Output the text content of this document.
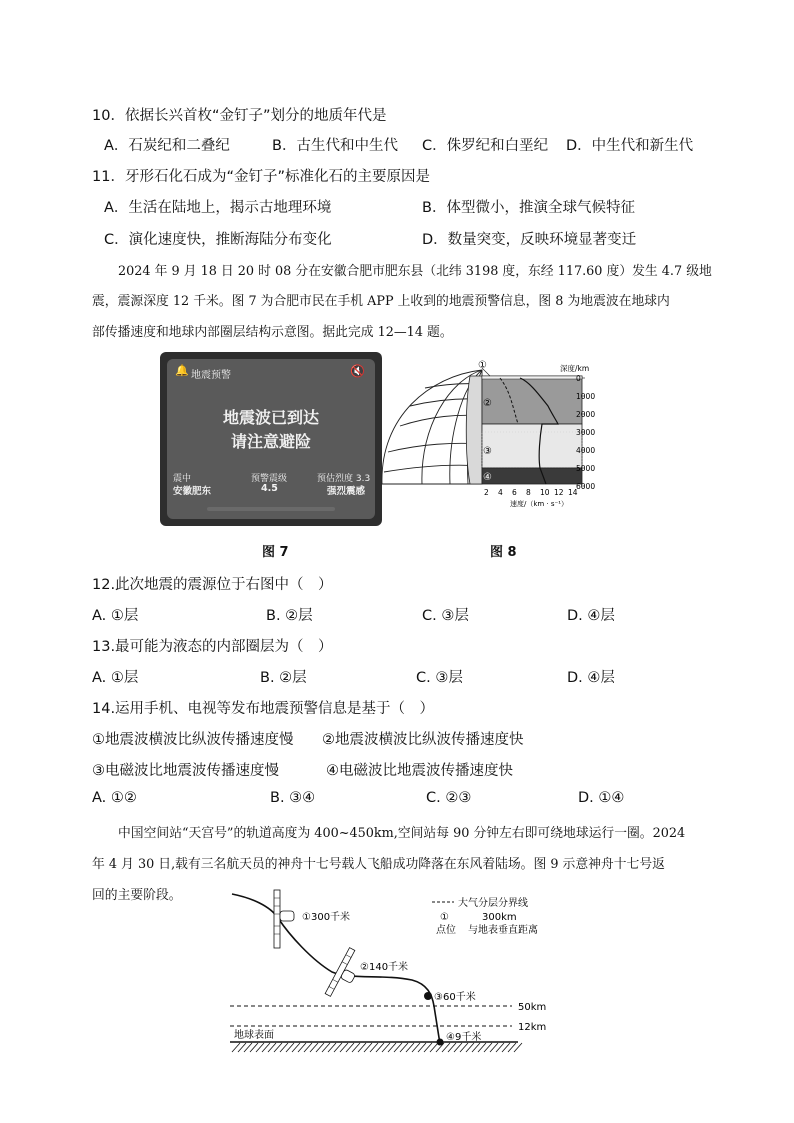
10．依据长兴首枚“金钉子”划分的地质年代是
A．石炭纪和二叠纪	B．古生代和中生代 C．侏罗纪和白垩纪 D．中生代和新生代
11．牙形石化石成为“金钉子”标准化石的主要原因是
A．生活在陆地上，揭示古地理环境	B．体型微小，推演全球气候特征
C．演化速度快，推断海陆分布变化	D．数量突变，反映环境显著变迁
2024 年 9 月 18 日 20 时 08 分在安徽合肥市肥东县（北纬 3198 度，东经 117.60 度）发生 4.7 级地
震，震源深度 12 千米。图 7 为合肥市民在手机 APP 上收到的地震预警信息，图 8 为地震波在地球内
部传播速度和地球内部圈层结构示意图。据此完成 12—14 题。
🔔 地震预警	🔇
地震波已到达
请注意避险
震中
安徽肥东
预警震级
4.5
预估烈度 3.3
强烈震感
图 7
①
②
③
④
深度/km
0
1000
2000
3000
4000
5000
6000
2 4 6 8 10 12 14
速度/（km · s⁻¹）
图 8
12.此次地震的震源位于右图中（　）
A. ①层	B. ②层	C. ③层	D. ④层
13.最可能为液态的内部圈层为（　）
A. ①层	B. ②层	C. ③层	D. ④层
14.运用手机、电视等发布地震预警信息是基于（　）
①地震波横波比纵波传播速度慢 ②地震波横波比纵波传播速度快
③电磁波比地震波传播速度慢	④电磁波比地震波传播速度快
A. ①②	B. ③④	C. ②③	D. ①④
中国空间站“天宫号”的轨道高度为 400~450km,空间站每 90 分钟左右即可绕地球运行一圈。2024
年 4 月 30 日,载有三名航天员的神舟十七号载人飞船成功降落在东风着陆场。图 9 示意神舟十七号返
回的主要阶段。
大气分层分界线
①	300km
点位 与地表垂直距离
①300千米
②140千米
③60千米
④9千米
50km
12km
地球表面
